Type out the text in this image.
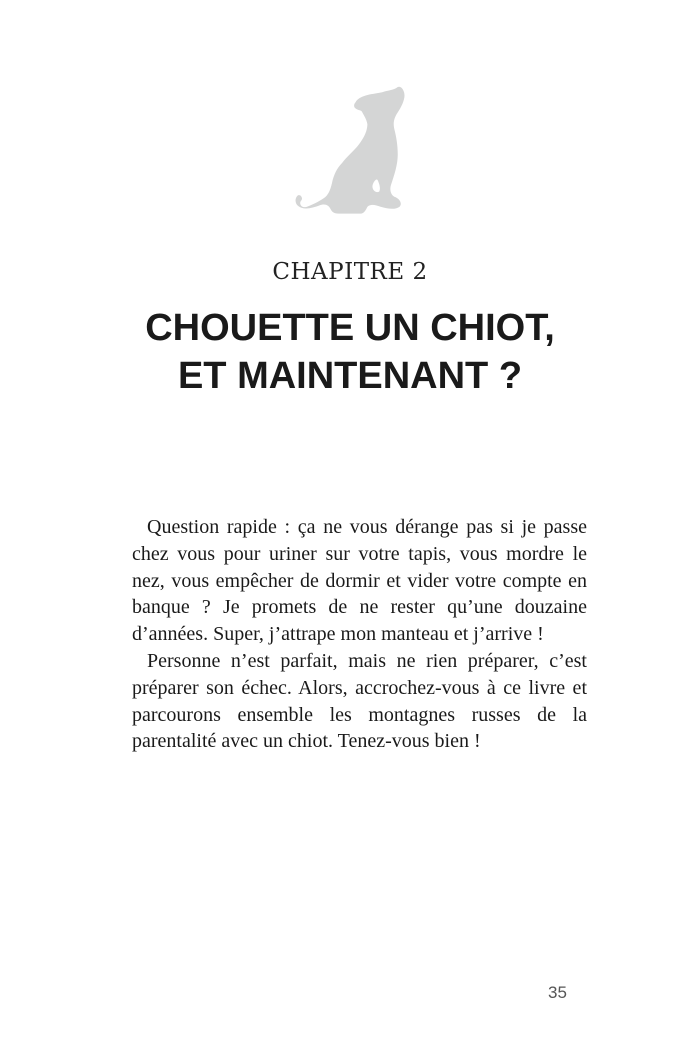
CHAPITRE 2
CHOUETTE UN CHIOT,
ET MAINTENANT ?

Question rapide : ça ne vous dérange pas si je passe chez vous pour uriner sur votre tapis, vous mordre le nez, vous empêcher de dormir et vider votre compte en banque ? Je promets de ne rester qu’une douzaine d’années. Super, j’attrape mon manteau et j’arrive !

Personne n’est parfait, mais ne rien préparer, c’est préparer son échec. Alors, accrochez-vous à ce livre et parcourons ensemble les montagnes russes de la parentalité avec un chiot. Tenez-vous bien !

35
